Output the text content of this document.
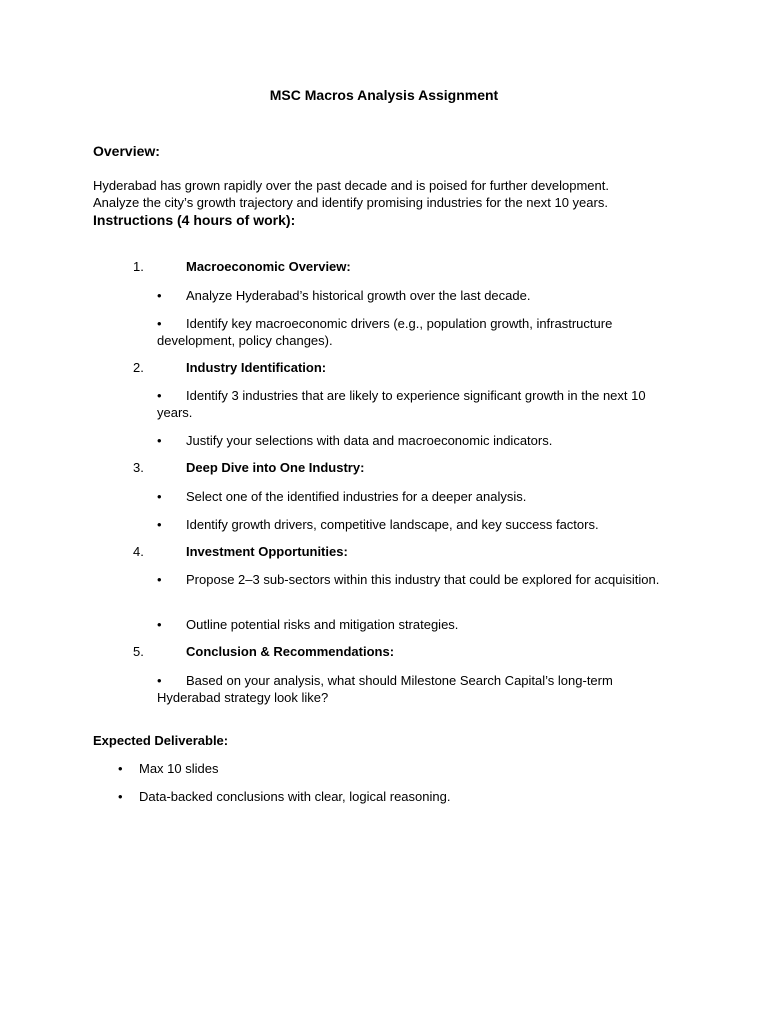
MSC Macros Analysis Assignment
Overview:
Hyderabad has grown rapidly over the past decade and is poised for further development.
Analyze the city’s growth trajectory and identify promising industries for the next 10 years.
Instructions (4 hours of work):
1.	Macroeconomic Overview:
• Analyze Hyderabad’s historical growth over the last decade.
• Identify key macroeconomic drivers (e.g., population growth, infrastructure development, policy changes).
2.	Industry Identification:
• Identify 3 industries that are likely to experience significant growth in the next 10 years.
• Justify your selections with data and macroeconomic indicators.
3.	Deep Dive into One Industry:
• Select one of the identified industries for a deeper analysis.
• Identify growth drivers, competitive landscape, and key success factors.
4.	Investment Opportunities:
• Propose 2–3 sub-sectors within this industry that could be explored for acquisition.
• Outline potential risks and mitigation strategies.
5.	Conclusion & Recommendations:
• Based on your analysis, what should Milestone Search Capital’s long-term Hyderabad strategy look like?
Expected Deliverable:
• Max 10 slides
• Data-backed conclusions with clear, logical reasoning.
